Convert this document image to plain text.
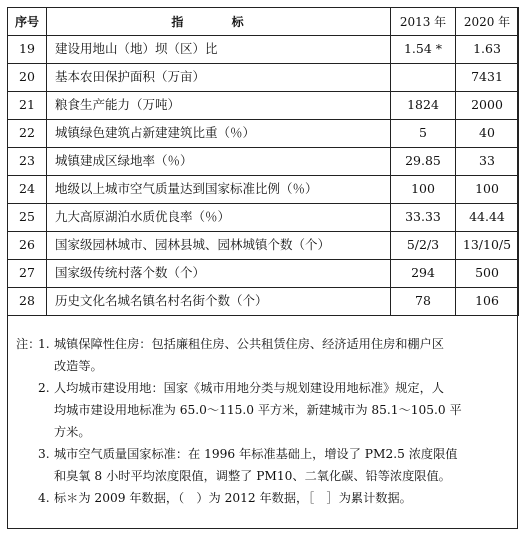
序号	指 标	2013 年	2020 年
19	建设用地山（地）坝（区）比	1.54 *	1.63
20	基本农田保护面积（万亩）		7431
21	粮食生产能力（万吨）	1824	2000
22	城镇绿色建筑占新建建筑比重（％）	5	40
23	城镇建成区绿地率（％）	29.85	33
24	地级以上城市空气质量达到国家标准比例（％）	100	100
25	九大高原湖泊水质优良率（％）	33.33	44.44
26	国家级园林城市、园林县城、园林城镇个数（个）	5/2/3	13/10/5
27	国家级传统村落个数（个）	294	500
28	历史文化名城名镇名村名街个数（个）	78	106
注：1. 城镇保障性住房：包括廉租住房、公共租赁住房、经济适用住房和棚户区
改造等。
2. 人均城市建设用地：国家《城市用地分类与规划建设用地标准》规定，人
均城市建设用地标准为 65.0～115.0 平方米，新建城市为 85.1～105.0 平
方米。
3. 城市空气质量国家标准：在 1996 年标准基础上，增设了 PM2.5 浓度限值
和臭氧 8 小时平均浓度限值，调整了 PM10、二氧化碳、铅等浓度限值。
4. 标＊为 2009 年数据，（　）为 2012 年数据，［　］为累计数据。
